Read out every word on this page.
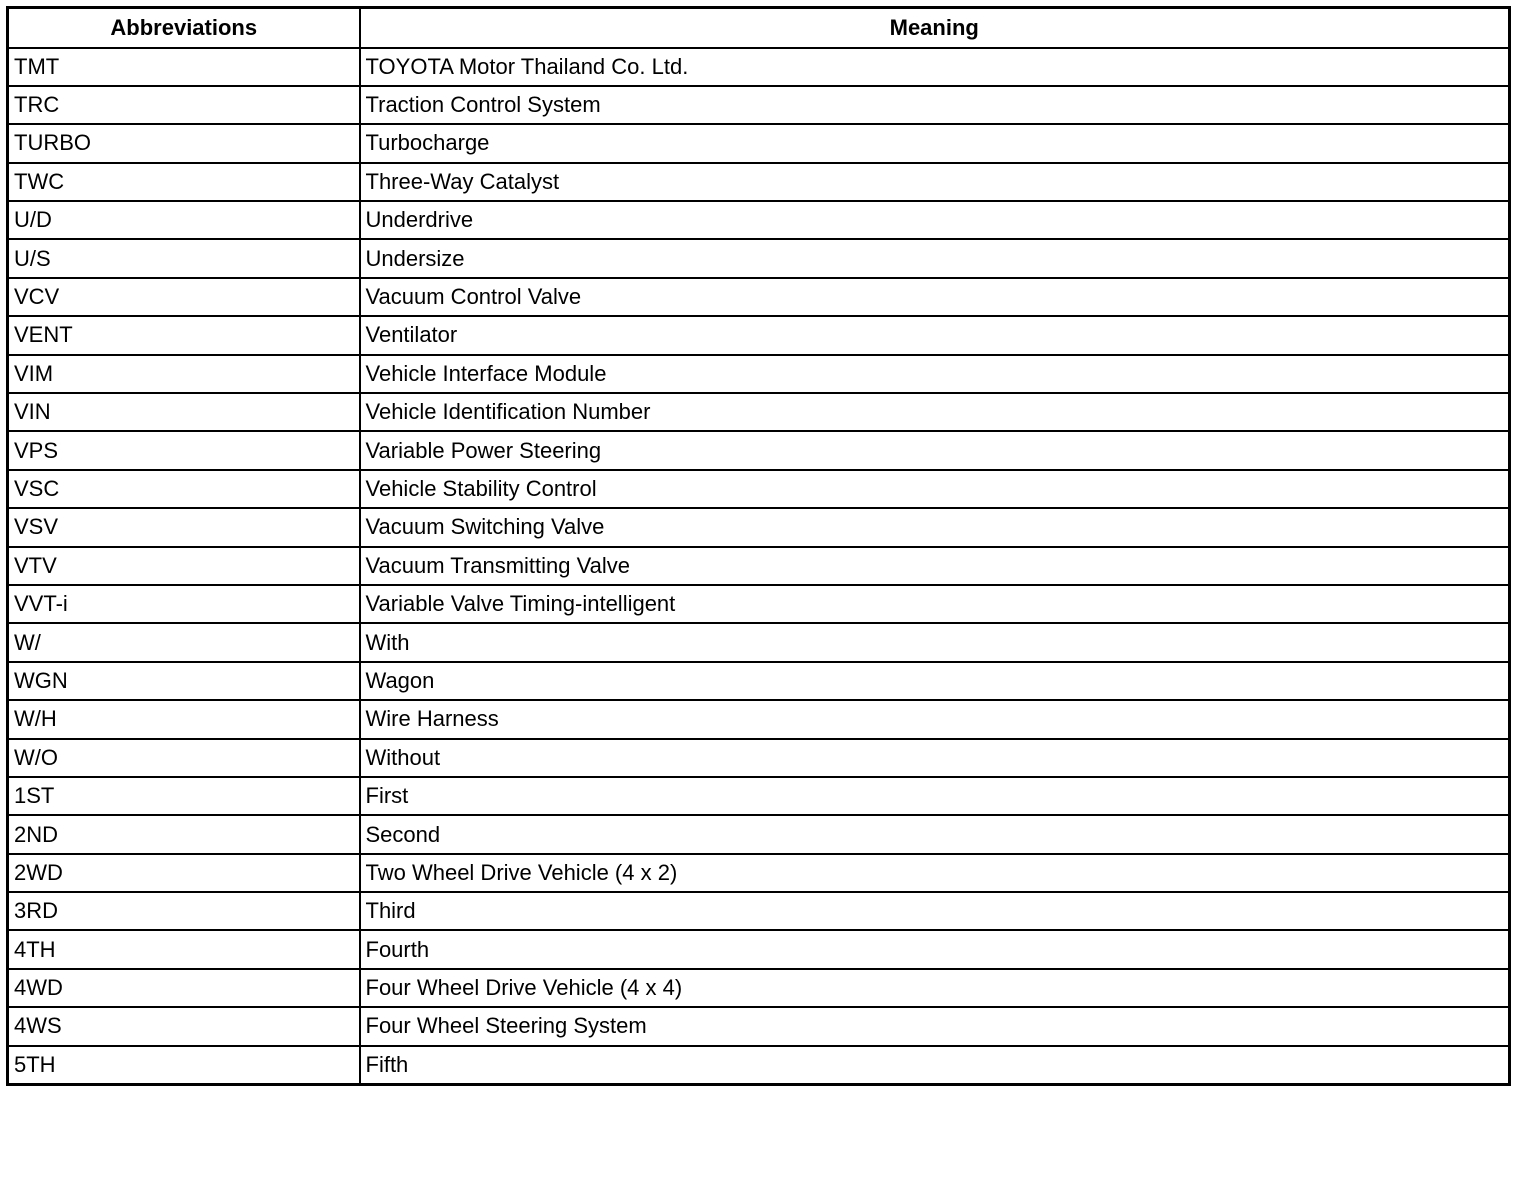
Abbreviations	Meaning
TMT	TOYOTA Motor Thailand Co. Ltd.
TRC	Traction Control System
TURBO	Turbocharge
TWC	Three-Way Catalyst
U/D	Underdrive
U/S	Undersize
VCV	Vacuum Control Valve
VENT	Ventilator
VIM	Vehicle Interface Module
VIN	Vehicle Identification Number
VPS	Variable Power Steering
VSC	Vehicle Stability Control
VSV	Vacuum Switching Valve
VTV	Vacuum Transmitting Valve
VVT-i	Variable Valve Timing-intelligent
W/	With
WGN	Wagon
W/H	Wire Harness
W/O	Without
1ST	First
2ND	Second
2WD	Two Wheel Drive Vehicle (4 x 2)
3RD	Third
4TH	Fourth
4WD	Four Wheel Drive Vehicle (4 x 4)
4WS	Four Wheel Steering System
5TH	Fifth
